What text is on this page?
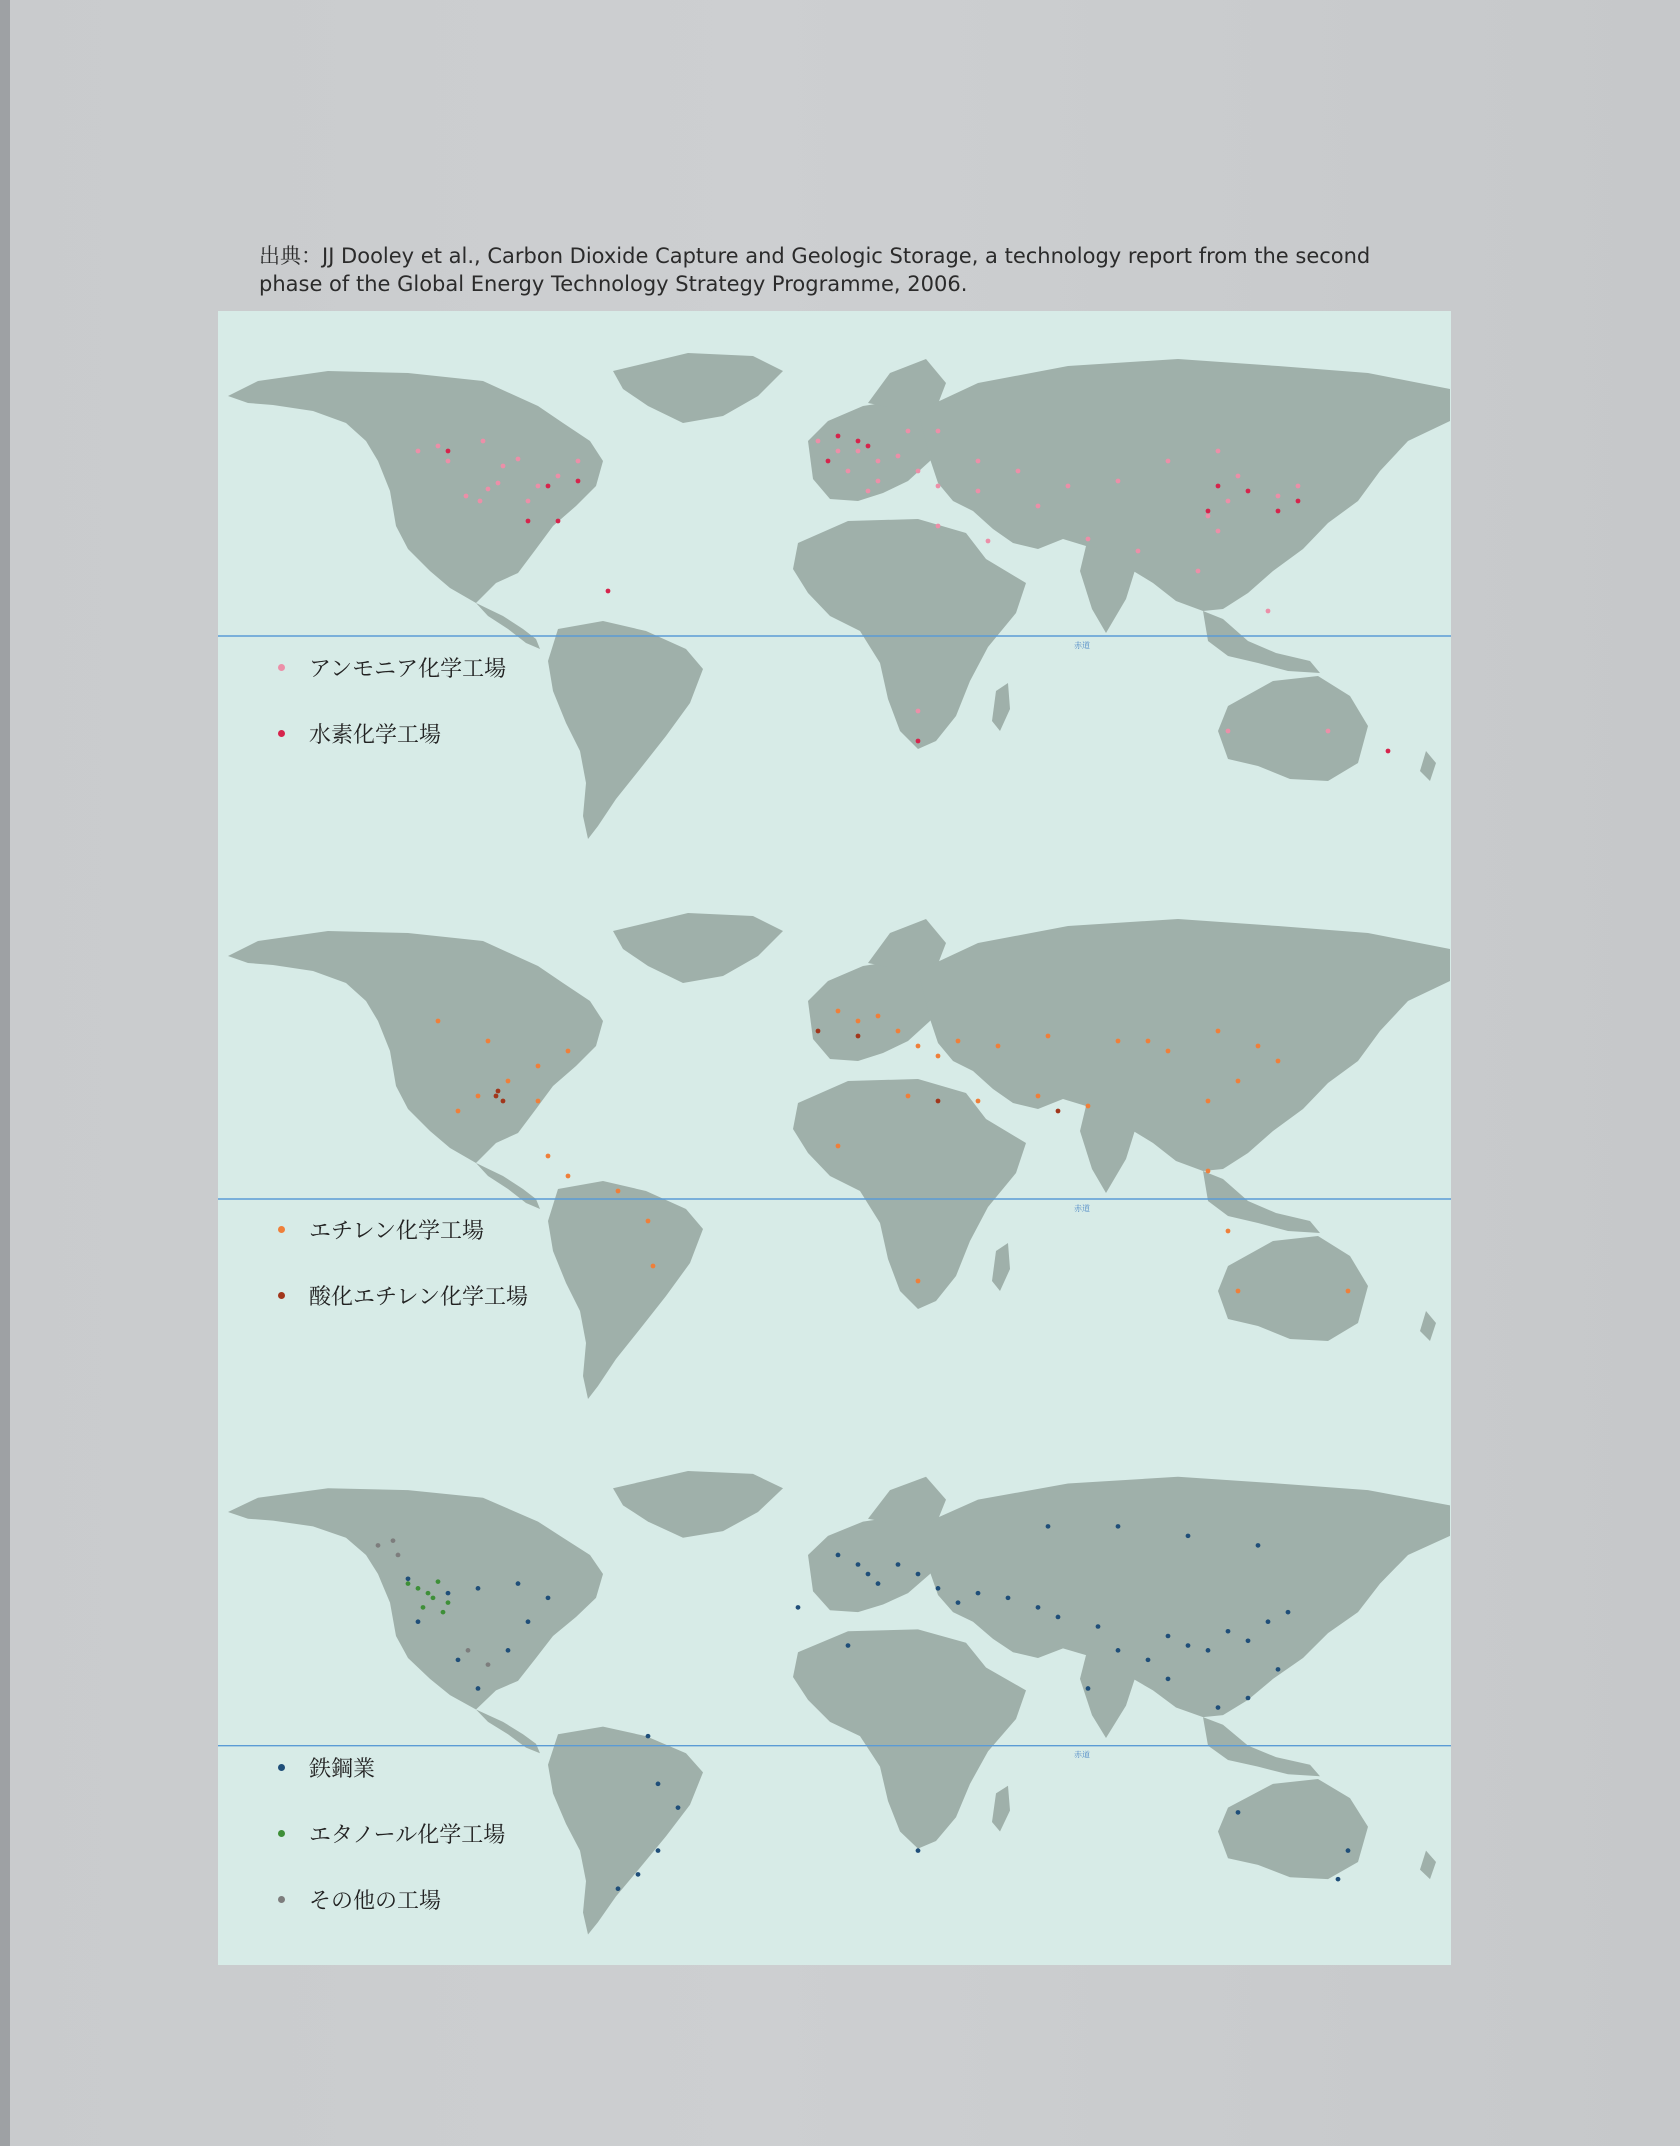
出典：JJ Dooley et al., Carbon Dioxide Capture and Geologic Storage, a technology report from the second phase of the Global Energy Technology Strategy Programme, 2006.

赤道
アンモニア化学工場
水素化学工場
赤道
エチレン化学工場
酸化エチレン化学工場
赤道
鉄鋼業
エタノール化学工場
その他の工場
